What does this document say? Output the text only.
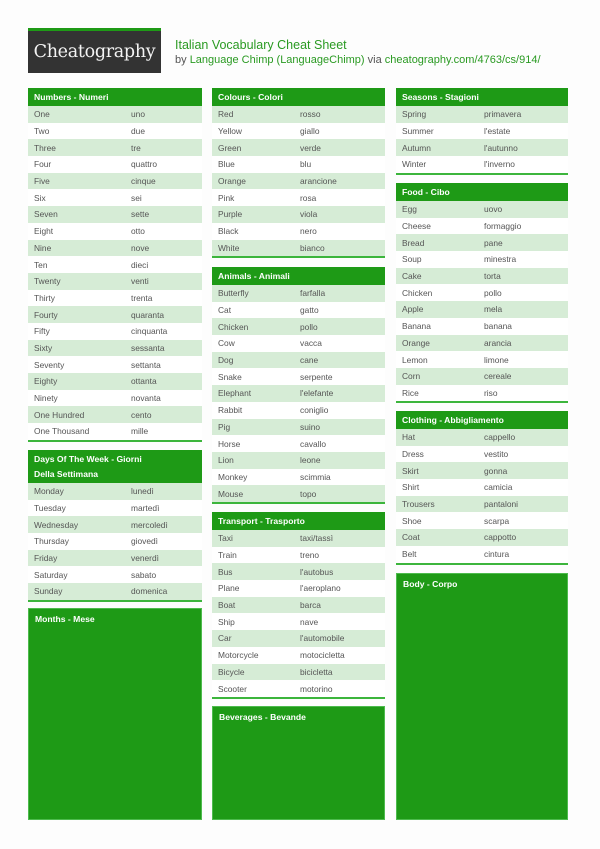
Cheatography Italian Vocabulary Cheat Sheet
by Language Chimp (LanguageChimp) via cheatography.com/4763/cs/914/
Numbers - Numeri
One	uno
Two	due
Three	tre
Four	quattro
Five	cinque
Six	sei
Seven	sette
Eight	otto
Nine	nove
Ten	dieci
Twenty	venti
Thirty	trenta
Fourty	quaranta
Fifty	cinquanta
Sixty	sessanta
Seventy	settanta
Eighty	ottanta
Ninety	novanta
One Hundred	cento
One Thousand	mille
Days Of The Week - Giorni Della Settimana
Monday	lunedì
Tuesday	martedì
Wednesday	mercoledì
Thursday	giovedì
Friday	venerdì
Saturday	sabato
Sunday	domenica
Months - Mese
Colours - Colori
Red	rosso
Yellow	giallo
Green	verde
Blue	blu
Orange	arancione
Pink	rosa
Purple	viola
Black	nero
White	bianco
Animals - Animali
Butterfly	farfalla
Cat	gatto
Chicken	pollo
Cow	vacca
Dog	cane
Snake	serpente
Elephant	l'elefante
Rabbit	coniglio
Pig	suino
Horse	cavallo
Lion	leone
Monkey	scimmia
Mouse	topo
Transport - Trasporto
Taxi	taxi/tassì
Train	treno
Bus	l'autobus
Plane	l'aeroplano
Boat	barca
Ship	nave
Car	l'automobile
Motorcycle	motocicletta
Bicycle	bicicletta
Scooter	motorino
Beverages - Bevande
Seasons - Stagioni
Spring	primavera
Summer	l'estate
Autumn	l'autunno
Winter	l'inverno
Food - Cibo
Egg	uovo
Cheese	formaggio
Bread	pane
Soup	minestra
Cake	torta
Chicken	pollo
Apple	mela
Banana	banana
Orange	arancia
Lemon	limone
Corn	cereale
Rice	riso
Clothing - Abbigliamento
Hat	cappello
Dress	vestito
Skirt	gonna
Shirt	camicia
Trousers	pantaloni
Shoe	scarpa
Coat	cappotto
Belt	cintura
Body - Corpo
